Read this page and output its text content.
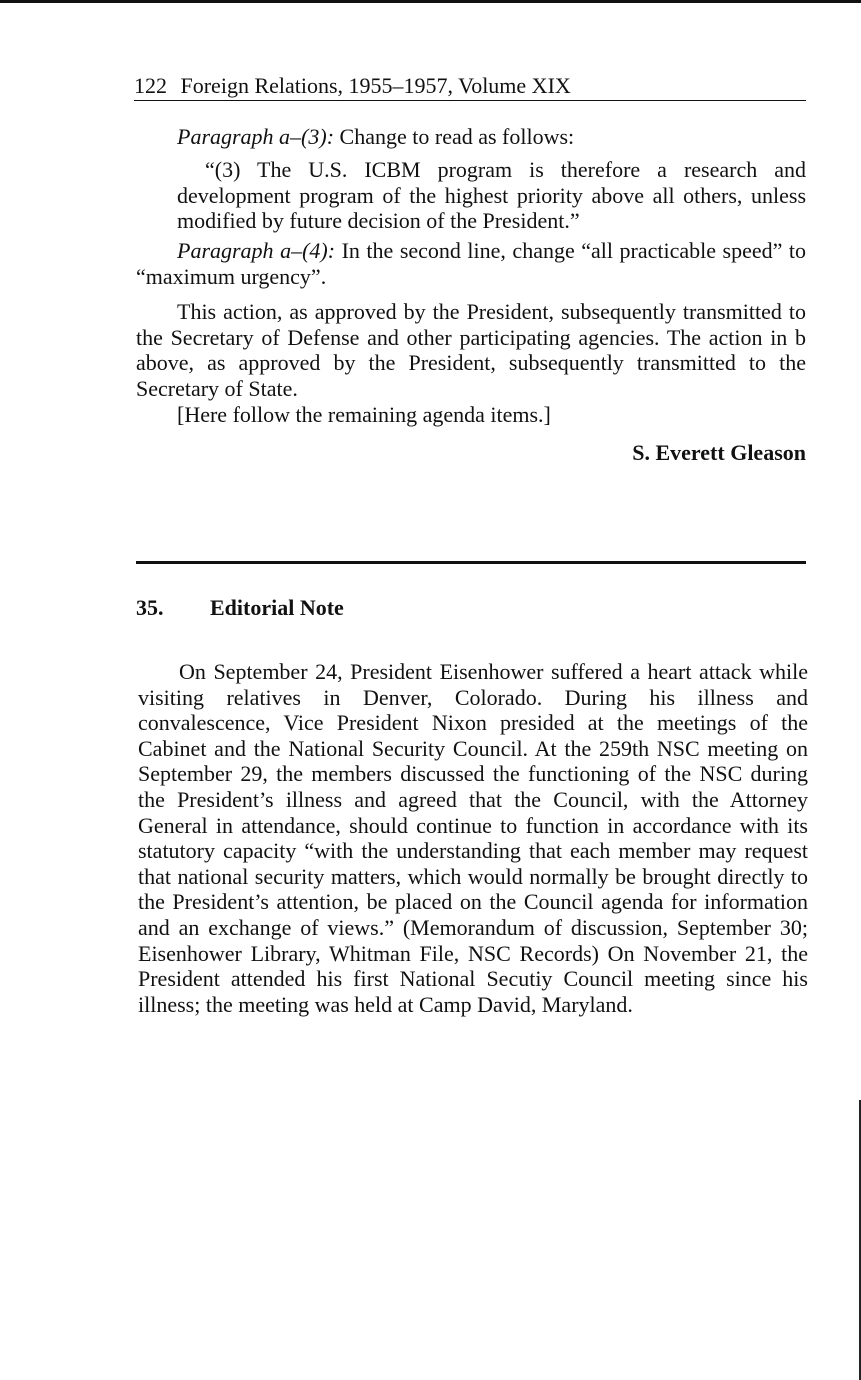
122 Foreign Relations, 1955–1957, Volume XIX
Paragraph a–(3): Change to read as follows:
“(3) The U.S. ICBM program is therefore a research and development program of the highest priority above all others, unless modified by future decision of the President.”
Paragraph a–(4): In the second line, change “all practicable speed” to “maximum urgency”.
This action, as approved by the President, subsequently transmitted to the Secretary of Defense and other participating agencies. The action in b above, as approved by the President, subsequently transmitted to the Secretary of State.
[Here follow the remaining agenda items.]
S. Everett Gleason
35. Editorial Note
On September 24, President Eisenhower suffered a heart attack while visiting relatives in Denver, Colorado. During his illness and convalescence, Vice President Nixon presided at the meetings of the Cabinet and the National Security Council. At the 259th NSC meeting on September 29, the members discussed the functioning of the NSC during the President’s illness and agreed that the Council, with the Attorney General in attendance, should continue to function in accordance with its statutory capacity “with the understanding that each member may request that national security matters, which would normally be brought directly to the President’s attention, be placed on the Council agenda for information and an exchange of views.” (Memorandum of discussion, September 30; Eisenhower Library, Whitman File, NSC Records) On November 21, the President attended his first National Secutiy Council meeting since his illness; the meeting was held at Camp David, Maryland.
